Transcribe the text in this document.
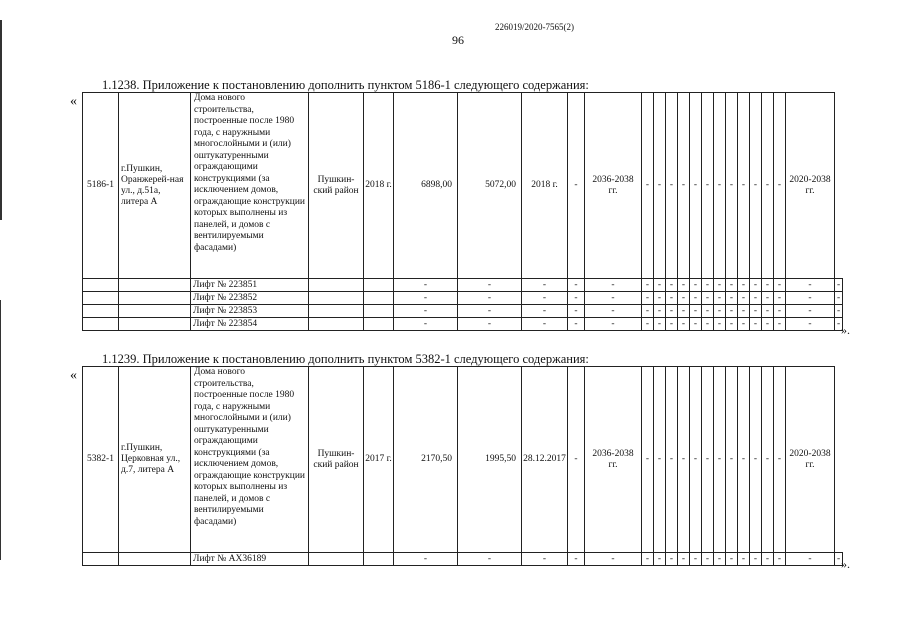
226019/2020-7565(2)
96
1.1238. Приложение к постановлению дополнить пунктом 5186-1 следующего содержания:
«
5186-1	г.Пушкин, Оранжерей-ная ул., д.51а, литера А	Дома нового строительства, построенные после 1980 года, с наружными многослойными и (или) оштукатуренными ограждающими конструкциями (за исключением домов, ограждающие конструкции которых выполнены из панелей, и домов с вентилируемыми фасадами)	Пушкин-ский район	2018 г.	6898,00	5072,00	2018 г.	-	2036-2038 гг.	-	-	-	-	-	-	-	-	-	-	-	-	2020-2038 гг.	
		Лифт № 223851			-	-	-	-	-	-	-	-	-	-	-	-	-	-	-	-	-	-	-
		Лифт № 223852			-	-	-	-	-	-	-	-	-	-	-	-	-	-	-	-	-	-	-
		Лифт № 223853			-	-	-	-	-	-	-	-	-	-	-	-	-	-	-	-	-	-	-
		Лифт № 223854			-	-	-	-	-	-	-	-	-	-	-	-	-	-	-	-	-	-	- ».
1.1239. Приложение к постановлению дополнить пунктом 5382-1 следующего содержания:
«
5382-1	г.Пушкин, Церковная ул., д.7, литера А	Дома нового строительства, построенные после 1980 года, с наружными многослойными и (или) оштукатуренными ограждающими конструкциями (за исключением домов, ограждающие конструкции которых выполнены из панелей, и домов с вентилируемыми фасадами)	Пушкин-ский район	2017 г.	2170,50	1995,50	28.12.2017	-	2036-2038 гг.	-	-	-	-	-	-	-	-	-	-	-	-	2020-2038 гг.	
		Лифт № АХ36189			-	-	-	-	-	-	-	-	-	-	-	-	-	-	-	-	-	-	- ».
